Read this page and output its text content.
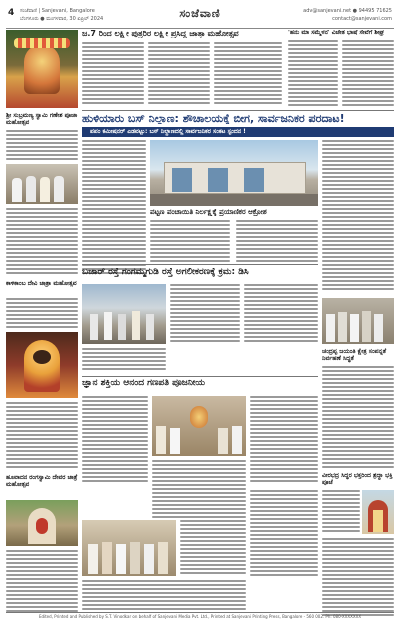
4 ಸಂಜೆವಾಣಿ | Sanjevani, Bangalore
ಬೆಂಗಳೂರು ● ಮಂಗಳವಾರ, 30 ಏಪ್ರಿಲ್ 2024	ಸಂಜೆವಾಣಿ	adv@sanjevani.net ● 94495 71625
contact@sanjevani.com
ಜ.7 ರಿಂದ ಲಕ್ಷ್ಮೀ ಪುತ್ರರಿರ ಲಕ್ಷ್ಮೀ ಪ್ರಸಿದ್ಧ ಜಾತ್ರಾ ಮಹೋತ್ಸವ	'ಹನು ಮಾ ಸಮ್ಮೆಳನ' ವಿಜೇತ ಭಾಷೆ ಸೇವೆಗೆ ಶೀಘ್ರ
ಶ್ರೀ ಸುಬ್ರಮಣ್ಯ ಸ್ವಾಮಿ ಗಣೇಶ ಪೂಜಾ ಮಹೋತ್ಸವ	ಹುಳಿಯಾರು ಬಸ್ ನಿಲ್ದಾಣ: ಶೌಚಾಲಯಕ್ಕೆ ಬೀಗ, ಸಾರ್ವಜನಿಕರ ಪರದಾಟ!
ಪಪಂ ಕಮೀಷನರ್ ಎಡವಟ್ಟು: ಬಸ್ ನಿಲ್ದಾಣದಲ್ಲಿ ಸಾರ್ವಜನಿಕರ ಸಂಕಟ ಸ್ಪಂದನ !
ಪಟ್ಟಣ ಪಂಚಾಯಿತಿ ನಿರ್ಲಕ್ಷ್ಯಕ್ಕೆ ಪ್ರಯಾಣಿಕರ ಆಕ್ರೋಶ
ಕಾಳಿಕಾಂಬ ದೇವಿ ಜಾತ್ರಾ ಮಹೋತ್ಸವ
ಬಜಾರ್ ರಸ್ತೆ ಗಂಗಮ್ಮಗುಡಿ ರಸ್ತೆ ಅಗಲೀಕರಣಕ್ಕೆ ಕ್ರಮ: ಡಿಸಿ
ಜ್ಞಾನ ಶಕ್ತಿಯ ಆನಂದ ಗಣಪತಿ ಪೂಜನೀಯ
ಚಂದ್ರಪ್ಪ ಜಯಂತಿ ಕ್ಷೇತ್ರ ಸಂಪನ್ನತೆ ನಿರ್ವಹಣೆ ಸಿದ್ಧತೆ
ಹೂವಾದನ ರಂಗಸ್ವಾಮಿ ದೇವರ ಜಾತ್ರೆ ಮಹೋತ್ಸವ
ವೀರಭದ್ರ ಸಿದ್ಧರ ಭಕ್ತರಿಂದ ಶ್ರದ್ಧಾ ಭಕ್ತಿ ಪೂಜೆ
Edited, Printed and Published by S.T. Vinodkar on behalf of Sanjevani Media Pvt. Ltd., Printed at Sanjevani Printing Press, Bangalore - 560 002. Ph: 080-XXXXXXX
